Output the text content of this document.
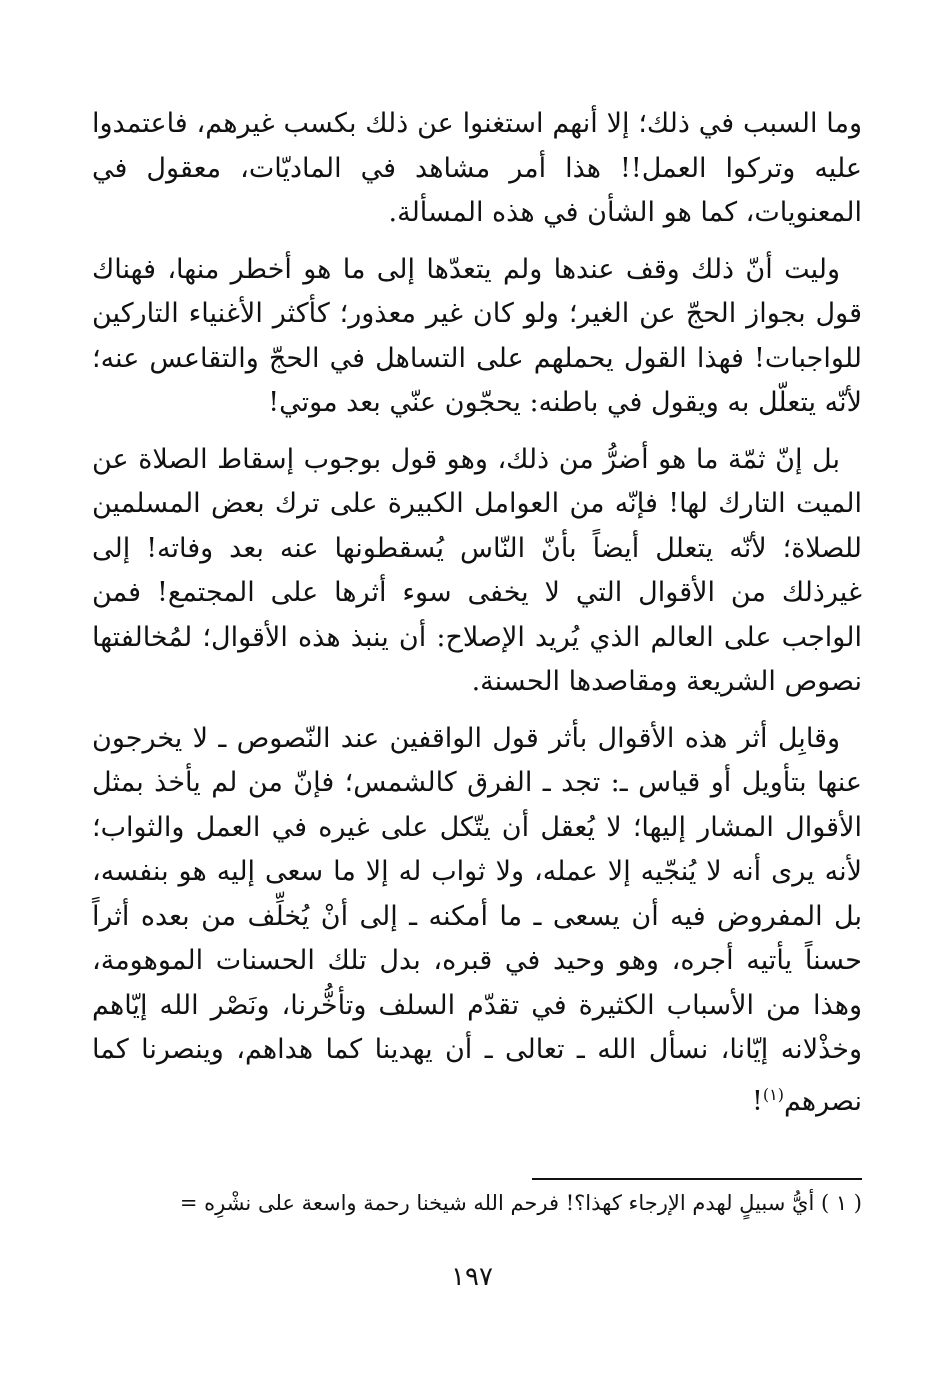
وما السبب في ذلك؛ إلا أنهم استغنوا عن ذلك بكسب غيرهم، فاعتمدوا عليه وتركوا العمل!! هذا أمر مشاهد في الماديّات، معقول في المعنويات، كما هو الشأن في هذه المسألة.

وليت أنّ ذلك وقف عندها ولم يتعدّها إلى ما هو أخطر منها، فهناك قول بجواز الحجّ عن الغير؛ ولو كان غير معذور؛ كأكثر الأغنياء التاركين للواجبات! فهذا القول يحملهم على التساهل في الحجّ والتقاعس عنه؛ لأنّه يتعلّل به ويقول في باطنه: يحجّون عنّي بعد موتي!

بل إنّ ثمّة ما هو أضرُّ من ذلك، وهو قول بوجوب إسقاط الصلاة عن الميت التارك لها! فإنّه من العوامل الكبيرة على ترك بعض المسلمين للصلاة؛ لأنّه يتعلل أيضاً بأنّ النّاس يُسقطونها عنه بعد وفاته! إلى غيرذلك من الأقوال التي لا يخفى سوء أثرها على المجتمع! فمن الواجب على العالم الذي يُريد الإصلاح: أن ينبذ هذه الأقوال؛ لمُخالفتها نصوص الشريعة ومقاصدها الحسنة.

وقابِل أثر هذه الأقوال بأثر قول الواقفين عند النّصوص ـ لا يخرجون عنها بتأويل أو قياس ـ: تجد ـ الفرق كالشمس؛ فإنّ من لم يأخذ بمثل الأقوال المشار إليها؛ لا يُعقل أن يتّكل على غيره في العمل والثواب؛ لأنه يرى أنه لا يُنجّيه إلا عمله، ولا ثواب له إلا ما سعى إليه هو بنفسه، بل المفروض فيه أن يسعى ـ ما أمكنه ـ إلى أنْ يُخلِّف من بعده أثراً حسناً يأتيه أجره، وهو وحيد في قبره، بدل تلك الحسنات الموهومة، وهذا من الأسباب الكثيرة في تقدّم السلف وتأخُّرنا، ونَصْر الله إيّاهم وخذْلانه إيّانا، نسأل الله ـ تعالى ـ أن يهدينا كما هداهم، وينصرنا كما نصرهم$^{(١)}$!

( ١ ) أيُّ سبيلٍ لهدم الإرجاء كهذا؟! فرحم الله شيخنا رحمة واسعة على نشْرِه =
١٩٧
